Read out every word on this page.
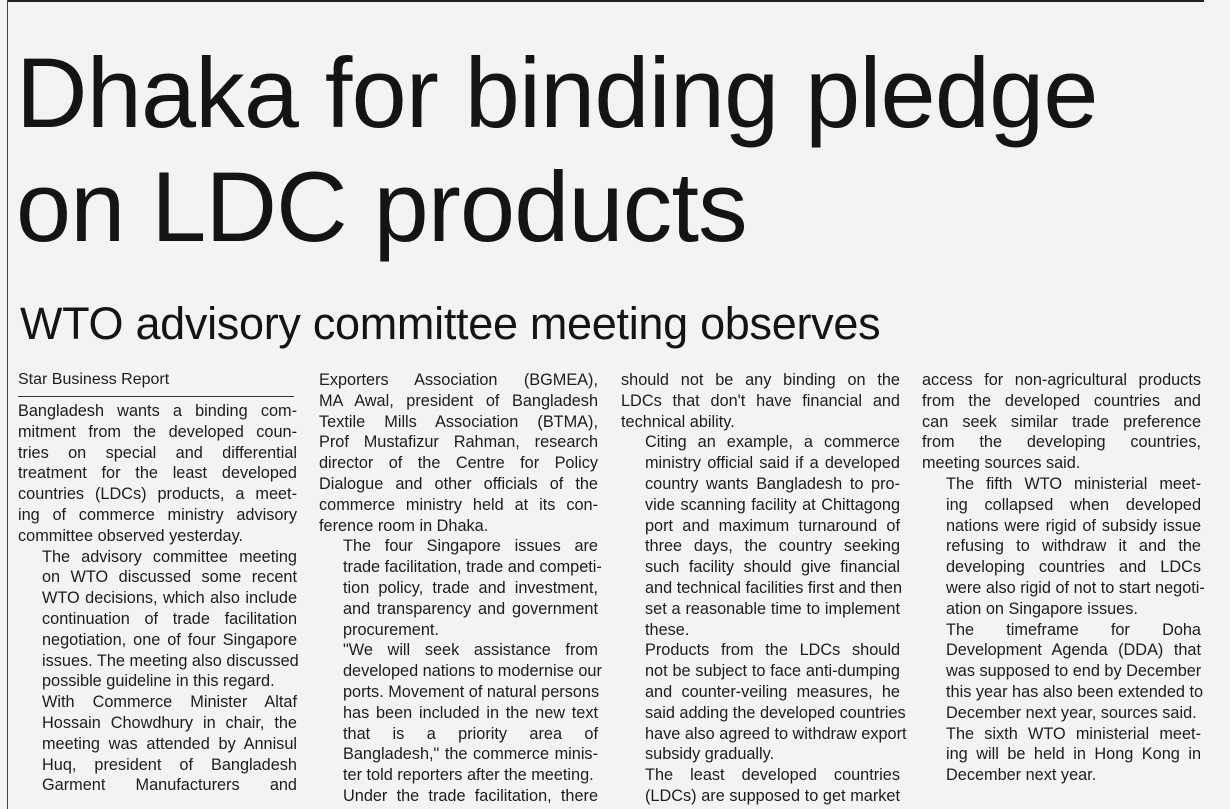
Dhaka for binding pledge
on LDC products
WTO advisory committee meeting observes
Star Business Report

Bangladesh wants a binding com-
mitment from the developed coun-
tries on special and differential
treatment for the least developed
countries (LDCs) products, a meet-
ing of commerce ministry advisory
committee observed yesterday.

The advisory committee meeting
on WTO discussed some recent
WTO decisions, which also include
continuation of trade facilitation
negotiation, one of four Singapore
issues. The meeting also discussed
possible guideline in this regard.

With Commerce Minister Altaf
Hossain Chowdhury in chair, the
meeting was attended by Annisul
Huq, president of Bangladesh
Garment Manufacturers and

Exporters Association (BGMEA),
MA Awal, president of Bangladesh
Textile Mills Association (BTMA),
Prof Mustafizur Rahman, research
director of the Centre for Policy
Dialogue and other officials of the
commerce ministry held at its con-
ference room in Dhaka.

The four Singapore issues are
trade facilitation, trade and competi-
tion policy, trade and investment,
and transparency and government
procurement.

"We will seek assistance from
developed nations to modernise our
ports. Movement of natural persons
has been included in the new text
that is a priority area of
Bangladesh," the commerce minis-
ter told reporters after the meeting.

Under the trade facilitation, there

should not be any binding on the
LDCs that don't have financial and
technical ability.

Citing an example, a commerce
ministry official said if a developed
country wants Bangladesh to pro-
vide scanning facility at Chittagong
port and maximum turnaround of
three days, the country seeking
such facility should give financial
and technical facilities first and then
set a reasonable time to implement
these.

Products from the LDCs should
not be subject to face anti-dumping
and counter-veiling measures, he
said adding the developed countries
have also agreed to withdraw export
subsidy gradually.

The least developed countries
(LDCs) are supposed to get market

access for non-agricultural products
from the developed countries and
can seek similar trade preference
from the developing countries,
meeting sources said.

The fifth WTO ministerial meet-
ing collapsed when developed
nations were rigid of subsidy issue
refusing to withdraw it and the
developing countries and LDCs
were also rigid of not to start negoti-
ation on Singapore issues.

The timeframe for Doha
Development Agenda (DDA) that
was supposed to end by December
this year has also been extended to
December next year, sources said.

The sixth WTO ministerial meet-
ing will be held in Hong Kong in
December next year.
